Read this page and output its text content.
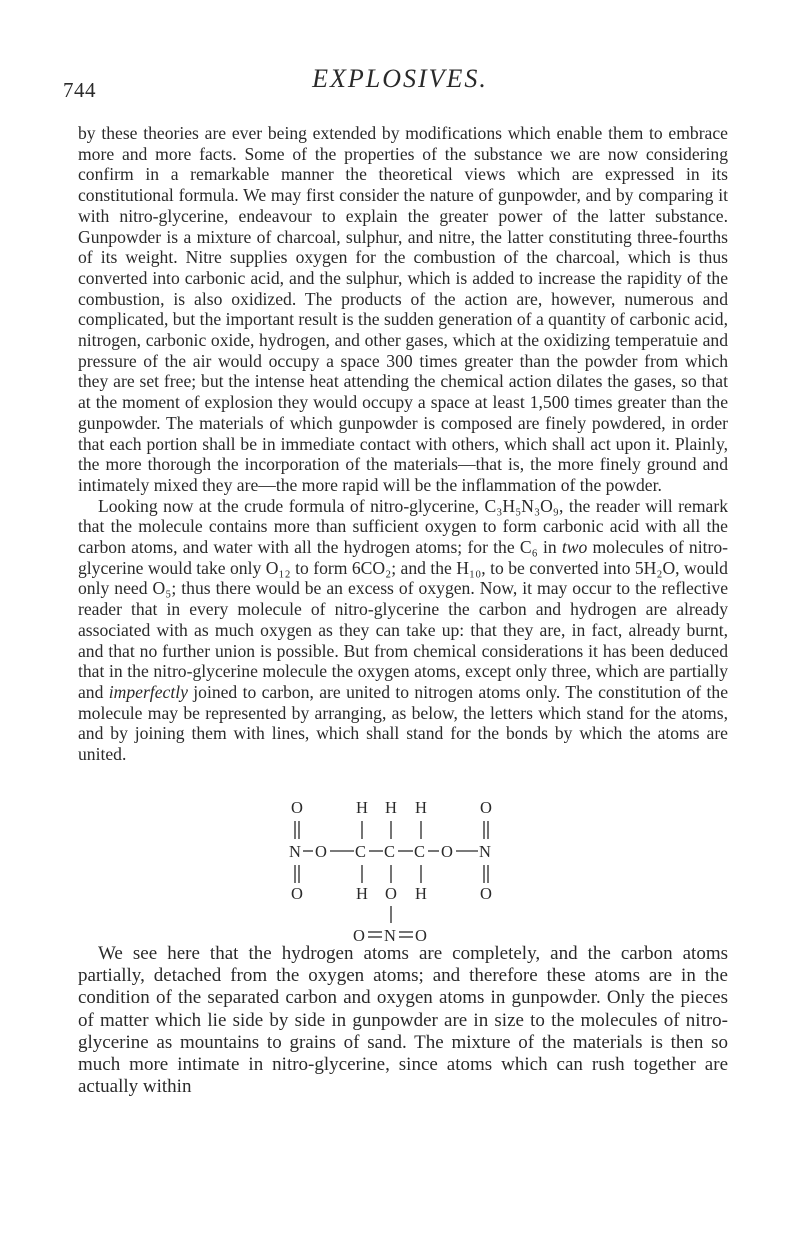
744	EXPLOSIVES.

by these theories are ever being extended by modifications which enable them to embrace more and more facts. Some of the properties of the substance we are now considering confirm in a remarkable manner the theoretical views which are expressed in its constitutional formula. We may first consider the nature of gunpowder, and by comparing it with nitro-glycerine, endeavour to explain the greater power of the latter substance. Gunpowder is a mixture of charcoal, sulphur, and nitre, the latter constituting three-fourths of its weight. Nitre supplies oxygen for the combustion of the charcoal, which is thus converted into carbonic acid, and the sulphur, which is added to increase the rapidity of the combustion, is also oxidized. The products of the action are, however, numerous and complicated, but the important result is the sudden generation of a quantity of carbonic acid, nitrogen, carbonic oxide, hydrogen, and other gases, which at the oxidizing temperatuie and pressure of the air would occupy a space 300 times greater than the powder from which they are set free; but the intense heat attending the chemical action dilates the gases, so that at the moment of explosion they would occupy a space at least 1,500 times greater than the gunpowder. The materials of which gunpowder is composed are finely powdered, in order that each portion shall be in immediate contact with others, which shall act upon it. Plainly, the more thorough the incorporation of the materials—that is, the more finely ground and intimately mixed they are—the more rapid will be the inflammation of the powder.

Looking now at the crude formula of nitro-glycerine, C₃H₅N₃O₉, the reader will remark that the molecule contains more than sufficient oxygen to form carbonic acid with all the carbon atoms, and water with all the hydrogen atoms; for the C₆ in two molecules of nitro-glycerine would take only O₁₂ to form 6CO₂; and the H₁₀, to be converted into 5H₂O, would only need O₅; thus there would be an excess of oxygen. Now, it may occur to the reflective reader that in every molecule of nitro-glycerine the carbon and hydrogen are already associated with as much oxygen as they can take up: that they are, in fact, already burnt, and that no further union is possible. But from chemical considerations it has been deduced that in the nitro-glycerine molecule the oxygen atoms, except only three, which are partially and imperfectly joined to carbon, are united to nitrogen atoms only. The constitution of the molecule may be represented by arranging, as below, the letters which stand for the atoms, and by joining them with lines, which shall stand for the bonds by which the atoms are united.

O	H H H	O
N O C C C O N
O	H O H	O
O N O

We see here that the hydrogen atoms are completely, and the carbon atoms partially, detached from the oxygen atoms; and therefore these atoms are in the condition of the separated carbon and oxygen atoms in gunpowder. Only the pieces of matter which lie side by side in gunpowder are in size to the molecules of nitro-glycerine as mountains to grains of sand. The mixture of the materials is then so much more intimate in nitro-glycerine, since atoms which can rush together are actually within
